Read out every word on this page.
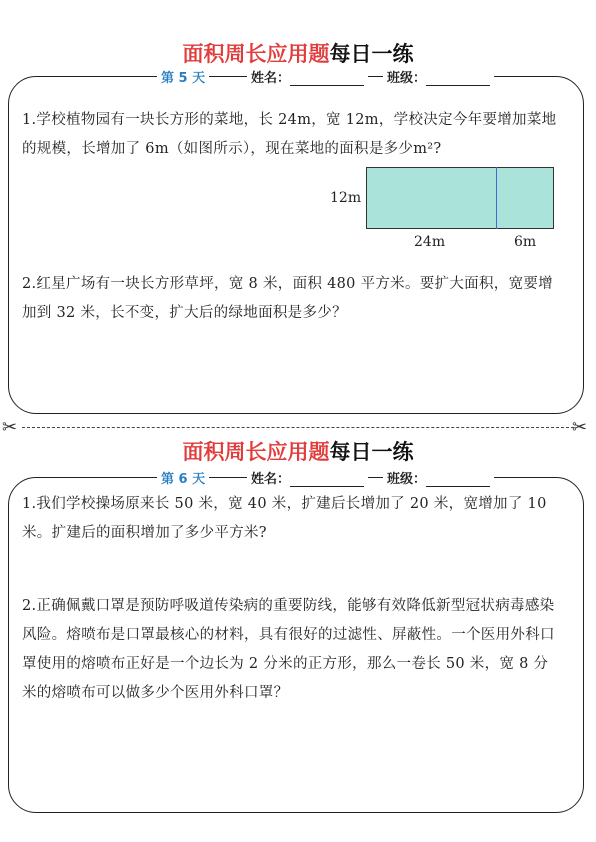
面积周长应用题每日一练
第 5 天	姓名：	班级：
1.学校植物园有一块长方形的菜地，长 24m，宽 12m，学校决定今年要增加菜地的规模，长增加了 6m（如图所示），现在菜地的面积是多少m²?
12m
24m	6m
2.红星广场有一块长方形草坪，宽 8 米，面积 480 平方米。要扩大面积，宽要增加到 32 米，长不变，扩大后的绿地面积是多少？
✂	✂
面积周长应用题每日一练
第 6 天	姓名：	班级：
1.我们学校操场原来长 50 米，宽 40 米，扩建后长增加了 20 米，宽增加了 10 米。扩建后的面积增加了多少平方米?
2.正确佩戴口罩是预防呼吸道传染病的重要防线，能够有效降低新型冠状病毒感染风险。熔喷布是口罩最核心的材料，具有很好的过滤性、屏蔽性。一个医用外科口罩使用的熔喷布正好是一个边长为 2 分米的正方形，那么一卷长 50 米，宽 8 分米的熔喷布可以做多少个医用外科口罩？
